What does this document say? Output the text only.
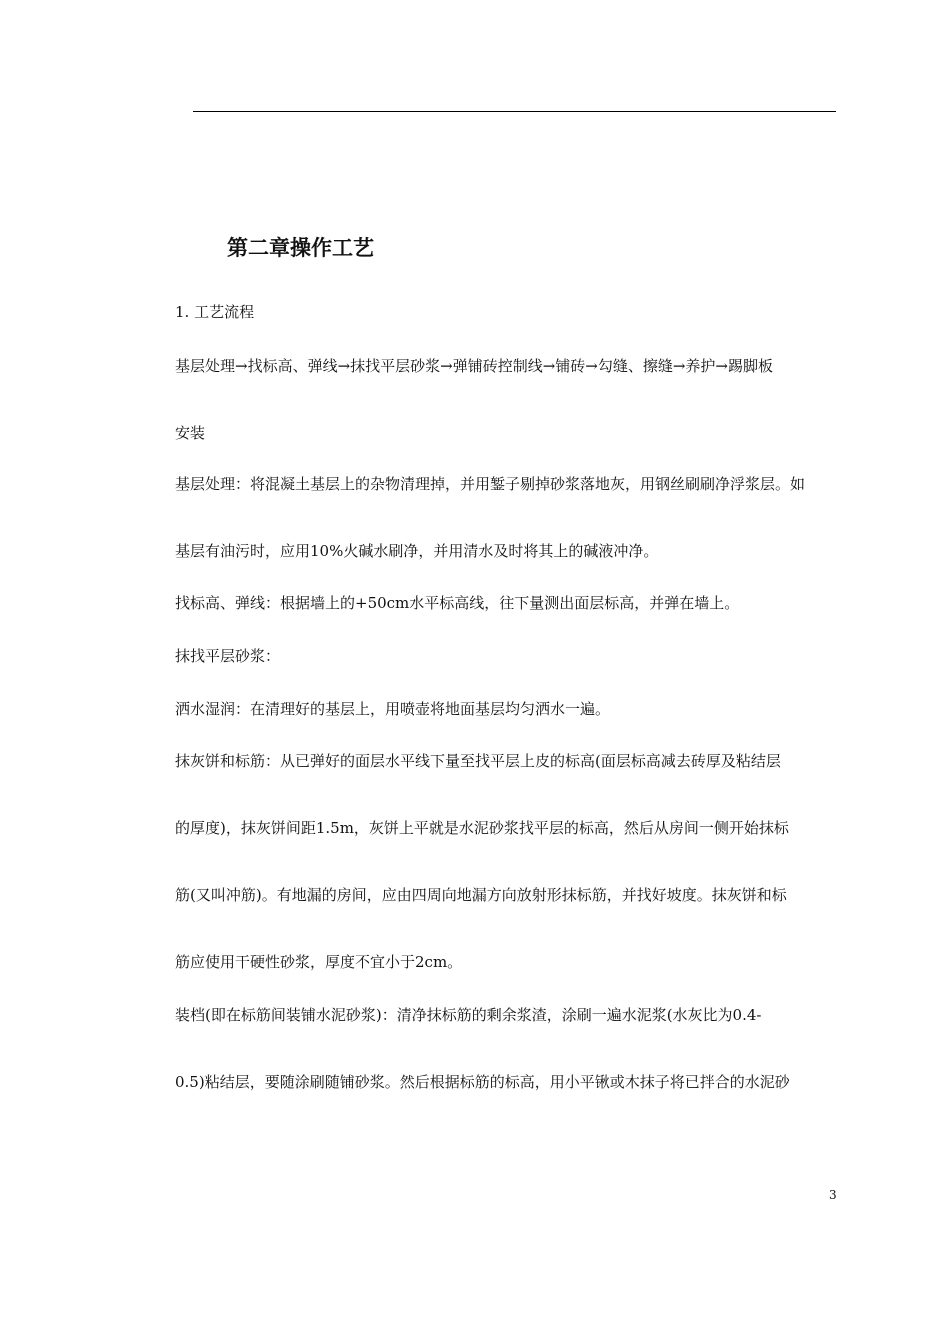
第二章操作工艺
1. 工艺流程
基层处理→找标高、弹线→抹找平层砂浆→弹铺砖控制线→铺砖→勾缝、擦缝→养护→踢脚板
安装
基层处理：将混凝土基层上的杂物清理掉，并用錾子剔掉砂浆落地灰，用钢丝刷刷净浮浆层。如
基层有油污时，应用10%火碱水刷净，并用清水及时将其上的碱液冲净。
找标高、弹线：根据墙上的+50cm水平标高线，往下量测出面层标高，并弹在墙上。
抹找平层砂浆：
洒水湿润：在清理好的基层上，用喷壶将地面基层均匀洒水一遍。
抹灰饼和标筋：从已弹好的面层水平线下量至找平层上皮的标高(面层标高减去砖厚及粘结层
的厚度)，抹灰饼间距1.5m，灰饼上平就是水泥砂浆找平层的标高，然后从房间一侧开始抹标
筋(又叫冲筋)。有地漏的房间，应由四周向地漏方向放射形抹标筋，并找好坡度。抹灰饼和标
筋应使用干硬性砂浆，厚度不宜小于2cm。
装档(即在标筋间装铺水泥砂浆)：清净抹标筋的剩余浆渣，涂刷一遍水泥浆(水灰比为0.4-
0.5)粘结层，要随涂刷随铺砂浆。然后根据标筋的标高，用小平锹或木抹子将已拌合的水泥砂
3
